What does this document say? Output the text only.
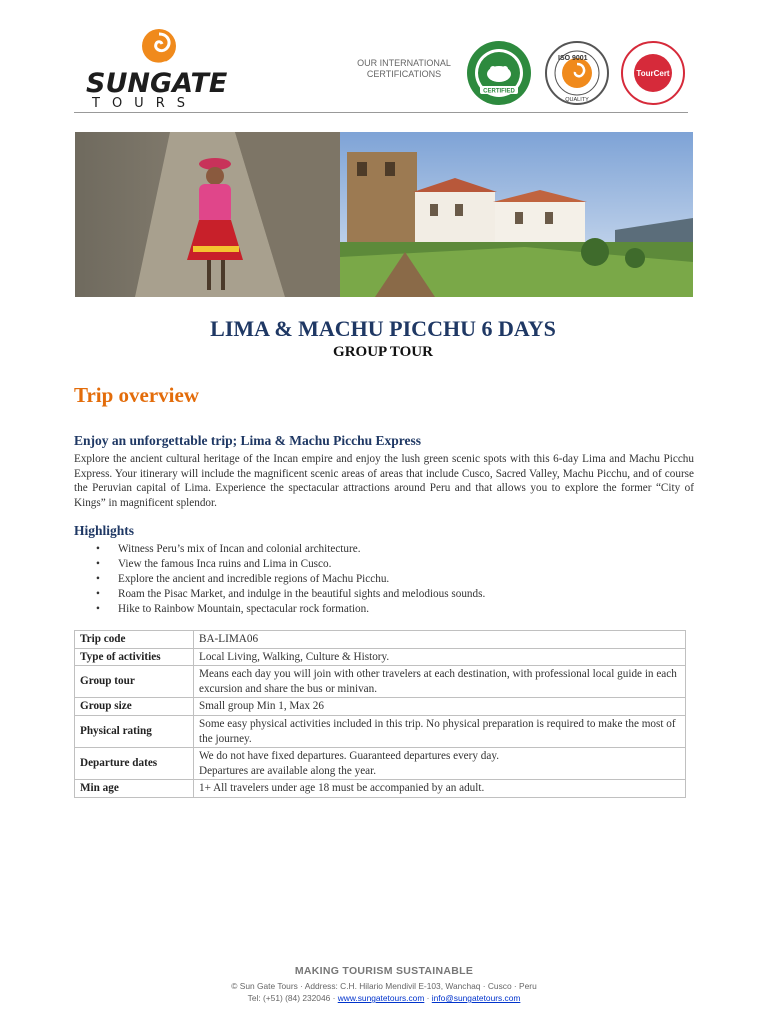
SUNGATE
TOURS
OUR INTERNATIONAL
CERTIFICATIONS
CERTIFIED
ISO 9001
QUALITY
TourCert
LIMA & MACHU PICCHU 6 DAYS
GROUP TOUR
Trip overview
Enjoy an unforgettable trip; Lima & Machu Picchu Express
Explore the ancient cultural heritage of the Incan empire and enjoy the lush green scenic spots with this 6-day Lima and Machu Picchu Express. Your itinerary will include the magnificent scenic areas of areas that include Cusco, Sacred Valley, Machu Picchu, and of course the Peruvian capital of Lima. Experience the spectacular attractions around Peru and that allows you to explore the former “City of Kings” in magnificent splendor.
Highlights
• Witness Peru’s mix of Incan and colonial architecture.
• View the famous Inca ruins and Lima in Cusco.
• Explore the ancient and incredible regions of Machu Picchu.
• Roam the Pisac Market, and indulge in the beautiful sights and melodious sounds.
• Hike to Rainbow Mountain, spectacular rock formation.
Trip code	BA-LIMA06
Type of activities	Local Living, Walking, Culture & History.
Group tour	Means each day you will join with other travelers at each destination, with professional local guide in each excursion and share the bus or minivan.
Group size	Small group Min 1, Max 26
Physical rating	Some easy physical activities included in this trip. No physical preparation is required to make the most of the journey.
Departure dates	We do not have fixed departures. Guaranteed departures every day.
Departures are available along the year.

Min age	1+ All travelers under age 18 must be accompanied by an adult.
MAKING TOURISM SUSTAINABLE
© Sun Gate Tours · Address: C.H. Hilario Mendivil E-103, Wanchaq · Cusco · Peru
Tel: (+51) (84) 232046 · www.sungatetours.com · info@sungatetours.com
